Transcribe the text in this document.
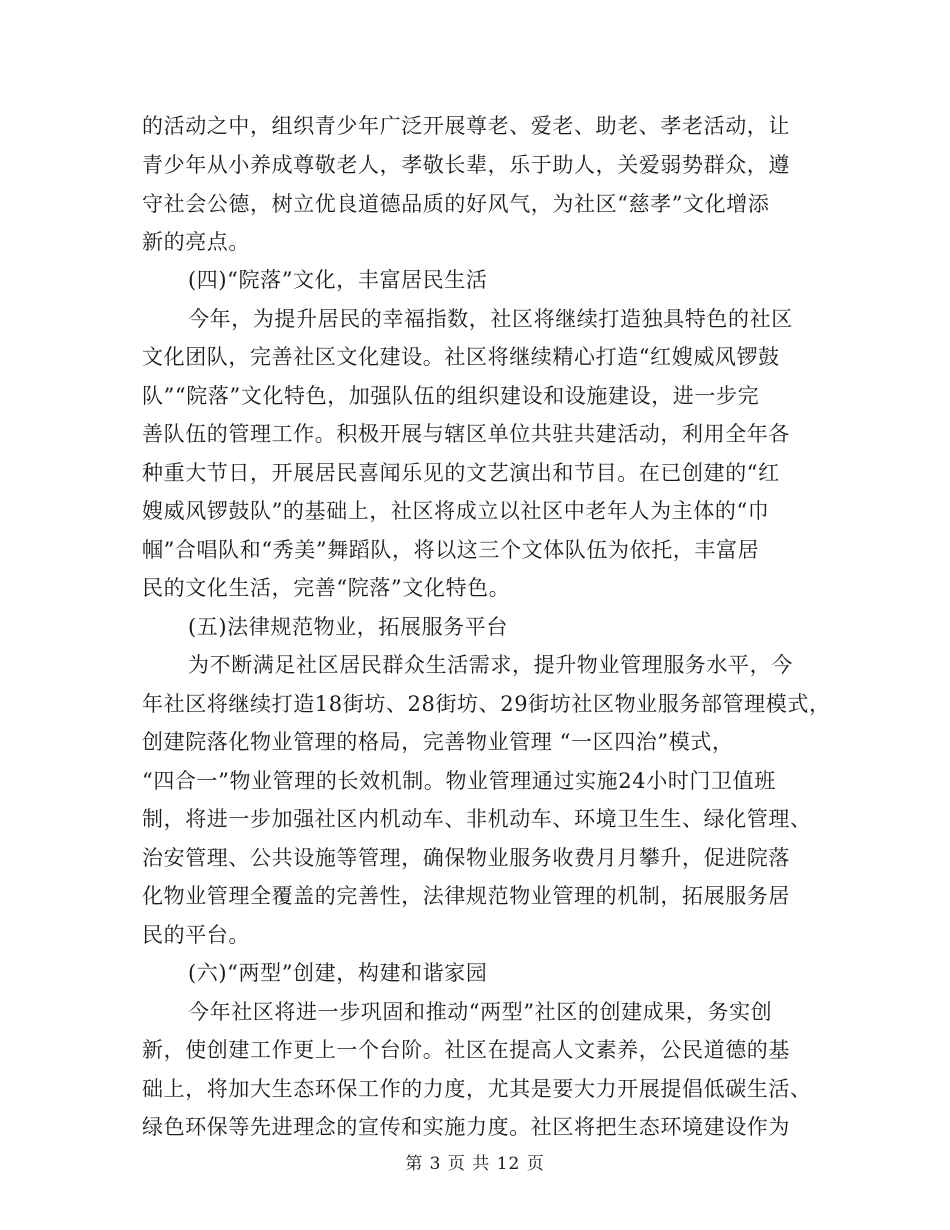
的活动之中，组织青少年广泛开展尊老、爱老、助老、孝老活动，让
青少年从小养成尊敬老人，孝敬长辈，乐于助人，关爱弱势群众，遵
守社会公德，树立优良道德品质的好风气，为社区“慈孝”文化增添
新的亮点。
(四)“院落”文化，丰富居民生活
今年，为提升居民的幸福指数，社区将继续打造独具特色的社区
文化团队，完善社区文化建设。社区将继续精心打造“红嫂威风锣鼓
队”“院落”文化特色，加强队伍的组织建设和设施建设，进一步完
善队伍的管理工作。积极开展与辖区单位共驻共建活动，利用全年各
种重大节日，开展居民喜闻乐见的文艺演出和节目。在已创建的“红
嫂威风锣鼓队”的基础上，社区将成立以社区中老年人为主体的“巾
帼”合唱队和“秀美”舞蹈队，将以这三个文体队伍为依托，丰富居
民的文化生活，完善“院落”文化特色。
(五)法律规范物业，拓展服务平台
为不断满足社区居民群众生活需求，提升物业管理服务水平，今
年社区将继续打造18街坊、28街坊、29街坊社区物业服务部管理模式，
创建院落化物业管理的格局，完善物业管理 “一区四治”模式，
“四合一”物业管理的长效机制。物业管理通过实施24小时门卫值班
制，将进一步加强社区内机动车、非机动车、环境卫生生、绿化管理、
治安管理、公共设施等管理，确保物业服务收费月月攀升，促进院落
化物业管理全覆盖的完善性，法律规范物业管理的机制，拓展服务居
民的平台。
(六)“两型”创建，构建和谐家园
今年社区将进一步巩固和推动“两型”社区的创建成果，务实创
新，使创建工作更上一个台阶。社区在提高人文素养，公民道德的基
础上，将加大生态环保工作的力度，尤其是要大力开展提倡低碳生活、
绿色环保等先进理念的宣传和实施力度。社区将把生态环境建设作为
第 3 页 共 12 页
